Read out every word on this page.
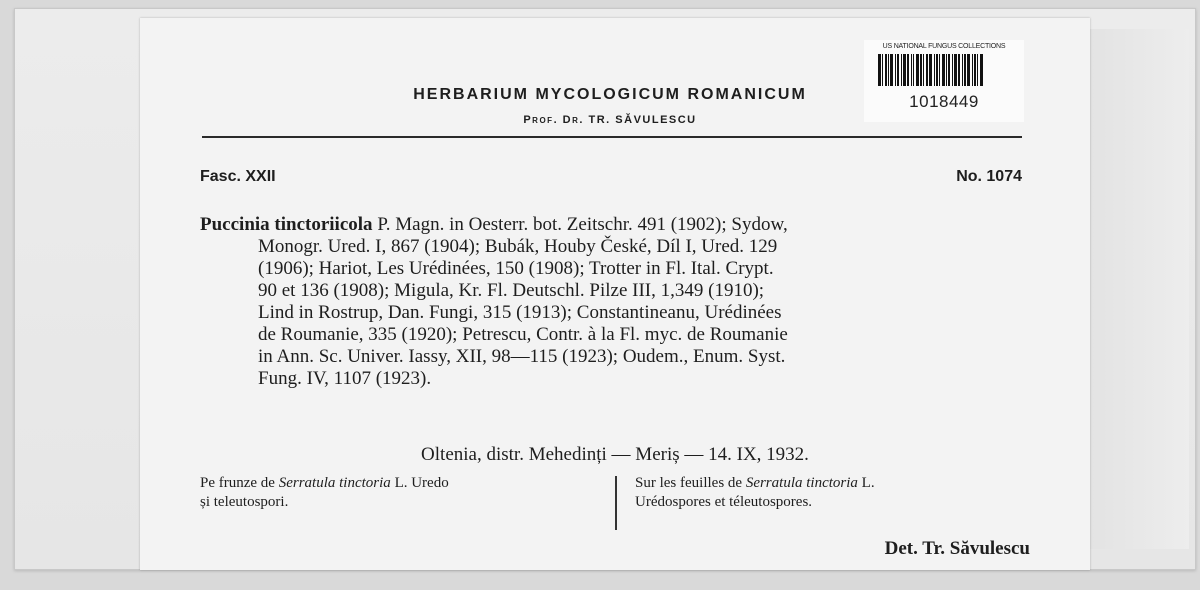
US NATIONAL FUNGUS COLLECTIONS
1018449
HERBARIUM MYCOLOGICUM ROMANICUM
Prof. Dr. TR. SĂVULESCU
Fasc. XXII	No. 1074
Puccinia tinctoriicola P. Magn. in Oesterr. bot. Zeitschr. 491 (1902); Sydow,
Monogr. Ured. I, 867 (1904); Bubák, Houby České, Díl I, Ured. 129
(1906); Hariot, Les Urédinées, 150 (1908); Trotter in Fl. Ital. Crypt.
90 et 136 (1908); Migula, Kr. Fl. Deutschl. Pilze III, 1,349 (1910);
Lind in Rostrup, Dan. Fungi, 315 (1913); Constantineanu, Urédinées
de Roumanie, 335 (1920); Petrescu, Contr. à la Fl. myc. de Roumanie
in Ann. Sc. Univer. Iassy, XII, 98—115 (1923); Oudem., Enum. Syst.
Fung. IV, 1107 (1923).
Oltenia, distr. Mehedinți — Meriș — 14. IX, 1932.
Pe frunze de Serratula tinctoria L. Uredo
și teleutospori.
Sur les feuilles de Serratula tinctoria L.
Urédospores et téleutospores.
Det. Tr. Săvulescu
